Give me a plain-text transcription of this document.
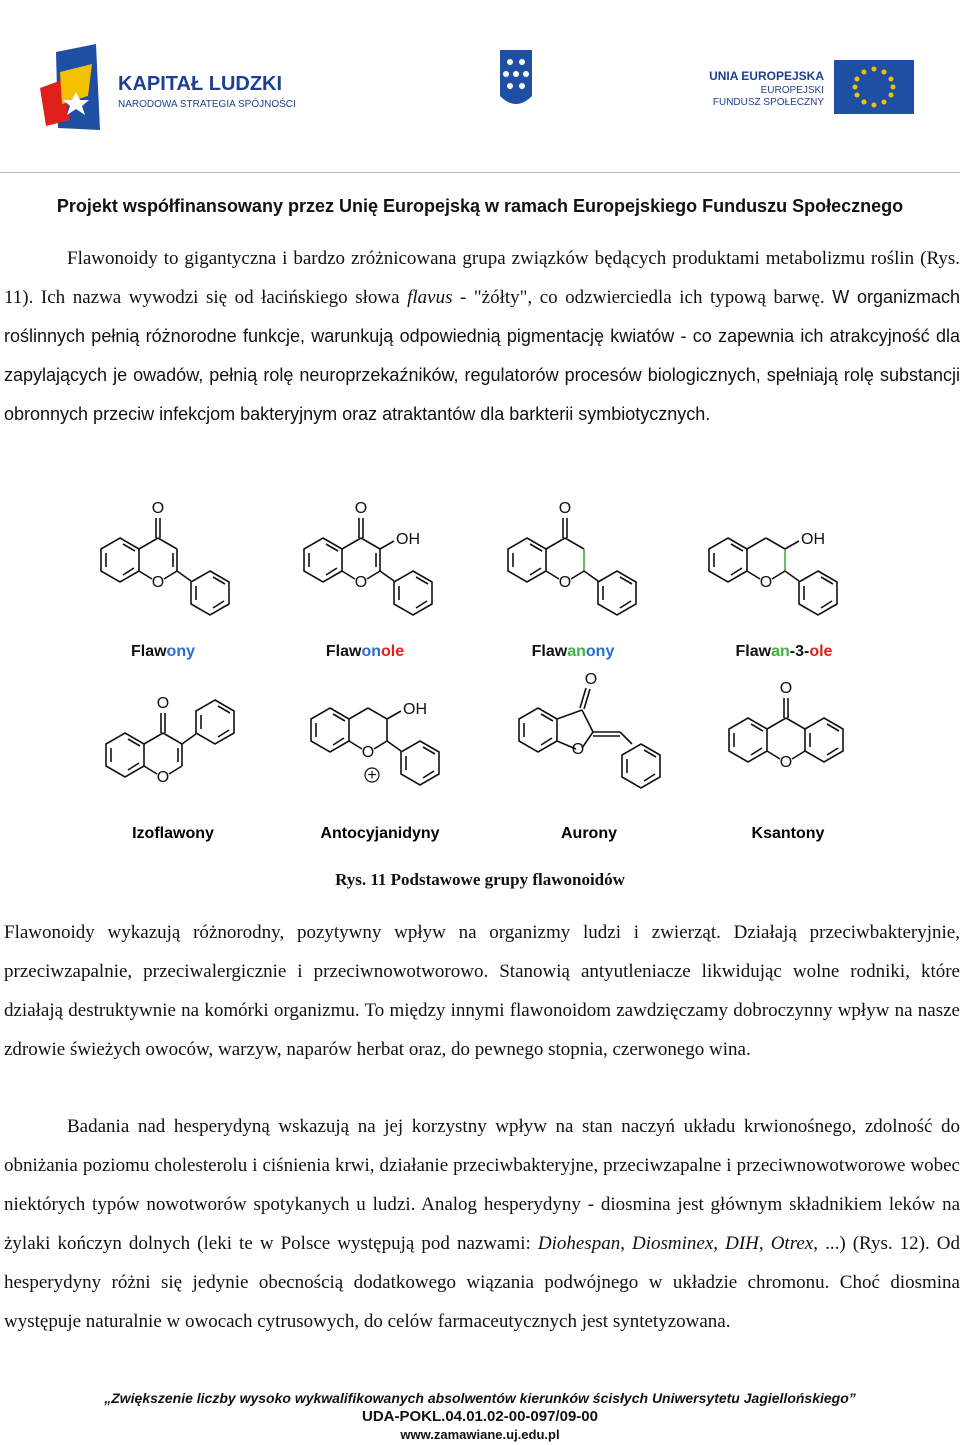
KAPITAŁ LUDZKI
NARODOWA STRATEGIA SPÓJNOŚCI
UNIA EUROPEJSKA
EUROPEJSKI
FUNDUSZ SPOŁECZNY
Projekt współfinansowany przez Unię Europejską w ramach Europejskiego Funduszu Społecznego
Flawonoidy to gigantyczna i bardzo zróżnicowana grupa związków będących produktami metabolizmu roślin (Rys. 11). Ich nazwa wywodzi się od łacińskiego słowa flavus - "żółty", co odzwierciedla ich typową barwę. W organizmach roślinnych pełnią różnorodne funkcje, warunkują odpowiednią pigmentację kwiatów - co zapewnia ich atrakcyjność dla zapylających je owadów, pełnią rolę neuroprzekaźników, regulatorów procesów biologicznych, spełniają rolę substancji obronnych przeciw infekcjom bakteryjnym oraz atraktantów dla barkterii symbiotycznych.
O
O
O
O
OH
O
O
O
OH
Flawony	Flawonole	Flawanony	Flawan-3-ole
O
O
O
OH
+
O
O
O
O
Izoflawony	Antocyjanidyny	Aurony	Ksantony
Rys. 11 Podstawowe grupy flawonoidów
Flawonoidy wykazują różnorodny, pozytywny wpływ na organizmy ludzi i zwierząt. Działają przeciwbakteryjnie, przeciwzapalnie, przeciwalergicznie i przeciwnowotworowo. Stanowią antyutleniacze likwidując wolne rodniki, które działają destruktywnie na komórki organizmu. To między innymi flawonoidom zawdzięczamy dobroczynny wpływ na nasze zdrowie świeżych owoców, warzyw, naparów herbat oraz, do pewnego stopnia, czerwonego wina.
Badania nad hesperydyną wskazują na jej korzystny wpływ na stan naczyń układu krwionośnego, zdolność do obniżania poziomu cholesterolu i ciśnienia krwi, działanie przeciwbakteryjne, przeciwzapalne i przeciwnowotworowe wobec niektórych typów nowotworów spotykanych u ludzi. Analog hesperydyny - diosmina jest głównym składnikiem leków na żylaki kończyn dolnych (leki te w Polsce występują pod nazwami: Diohespan, Diosminex, DIH, Otrex, ...) (Rys. 12). Od hesperydyny różni się jedynie obecnością dodatkowego wiązania podwójnego w układzie chromonu. Choć diosmina występuje naturalnie w owocach cytrusowych, do celów farmaceutycznych jest syntetyzowana.
„Zwiększenie liczby wysoko wykwalifikowanych absolwentów kierunków ścisłych Uniwersytetu Jagiellońskiego”
UDA-POKL.04.01.02-00-097/09-00
www.zamawiane.uj.edu.pl
